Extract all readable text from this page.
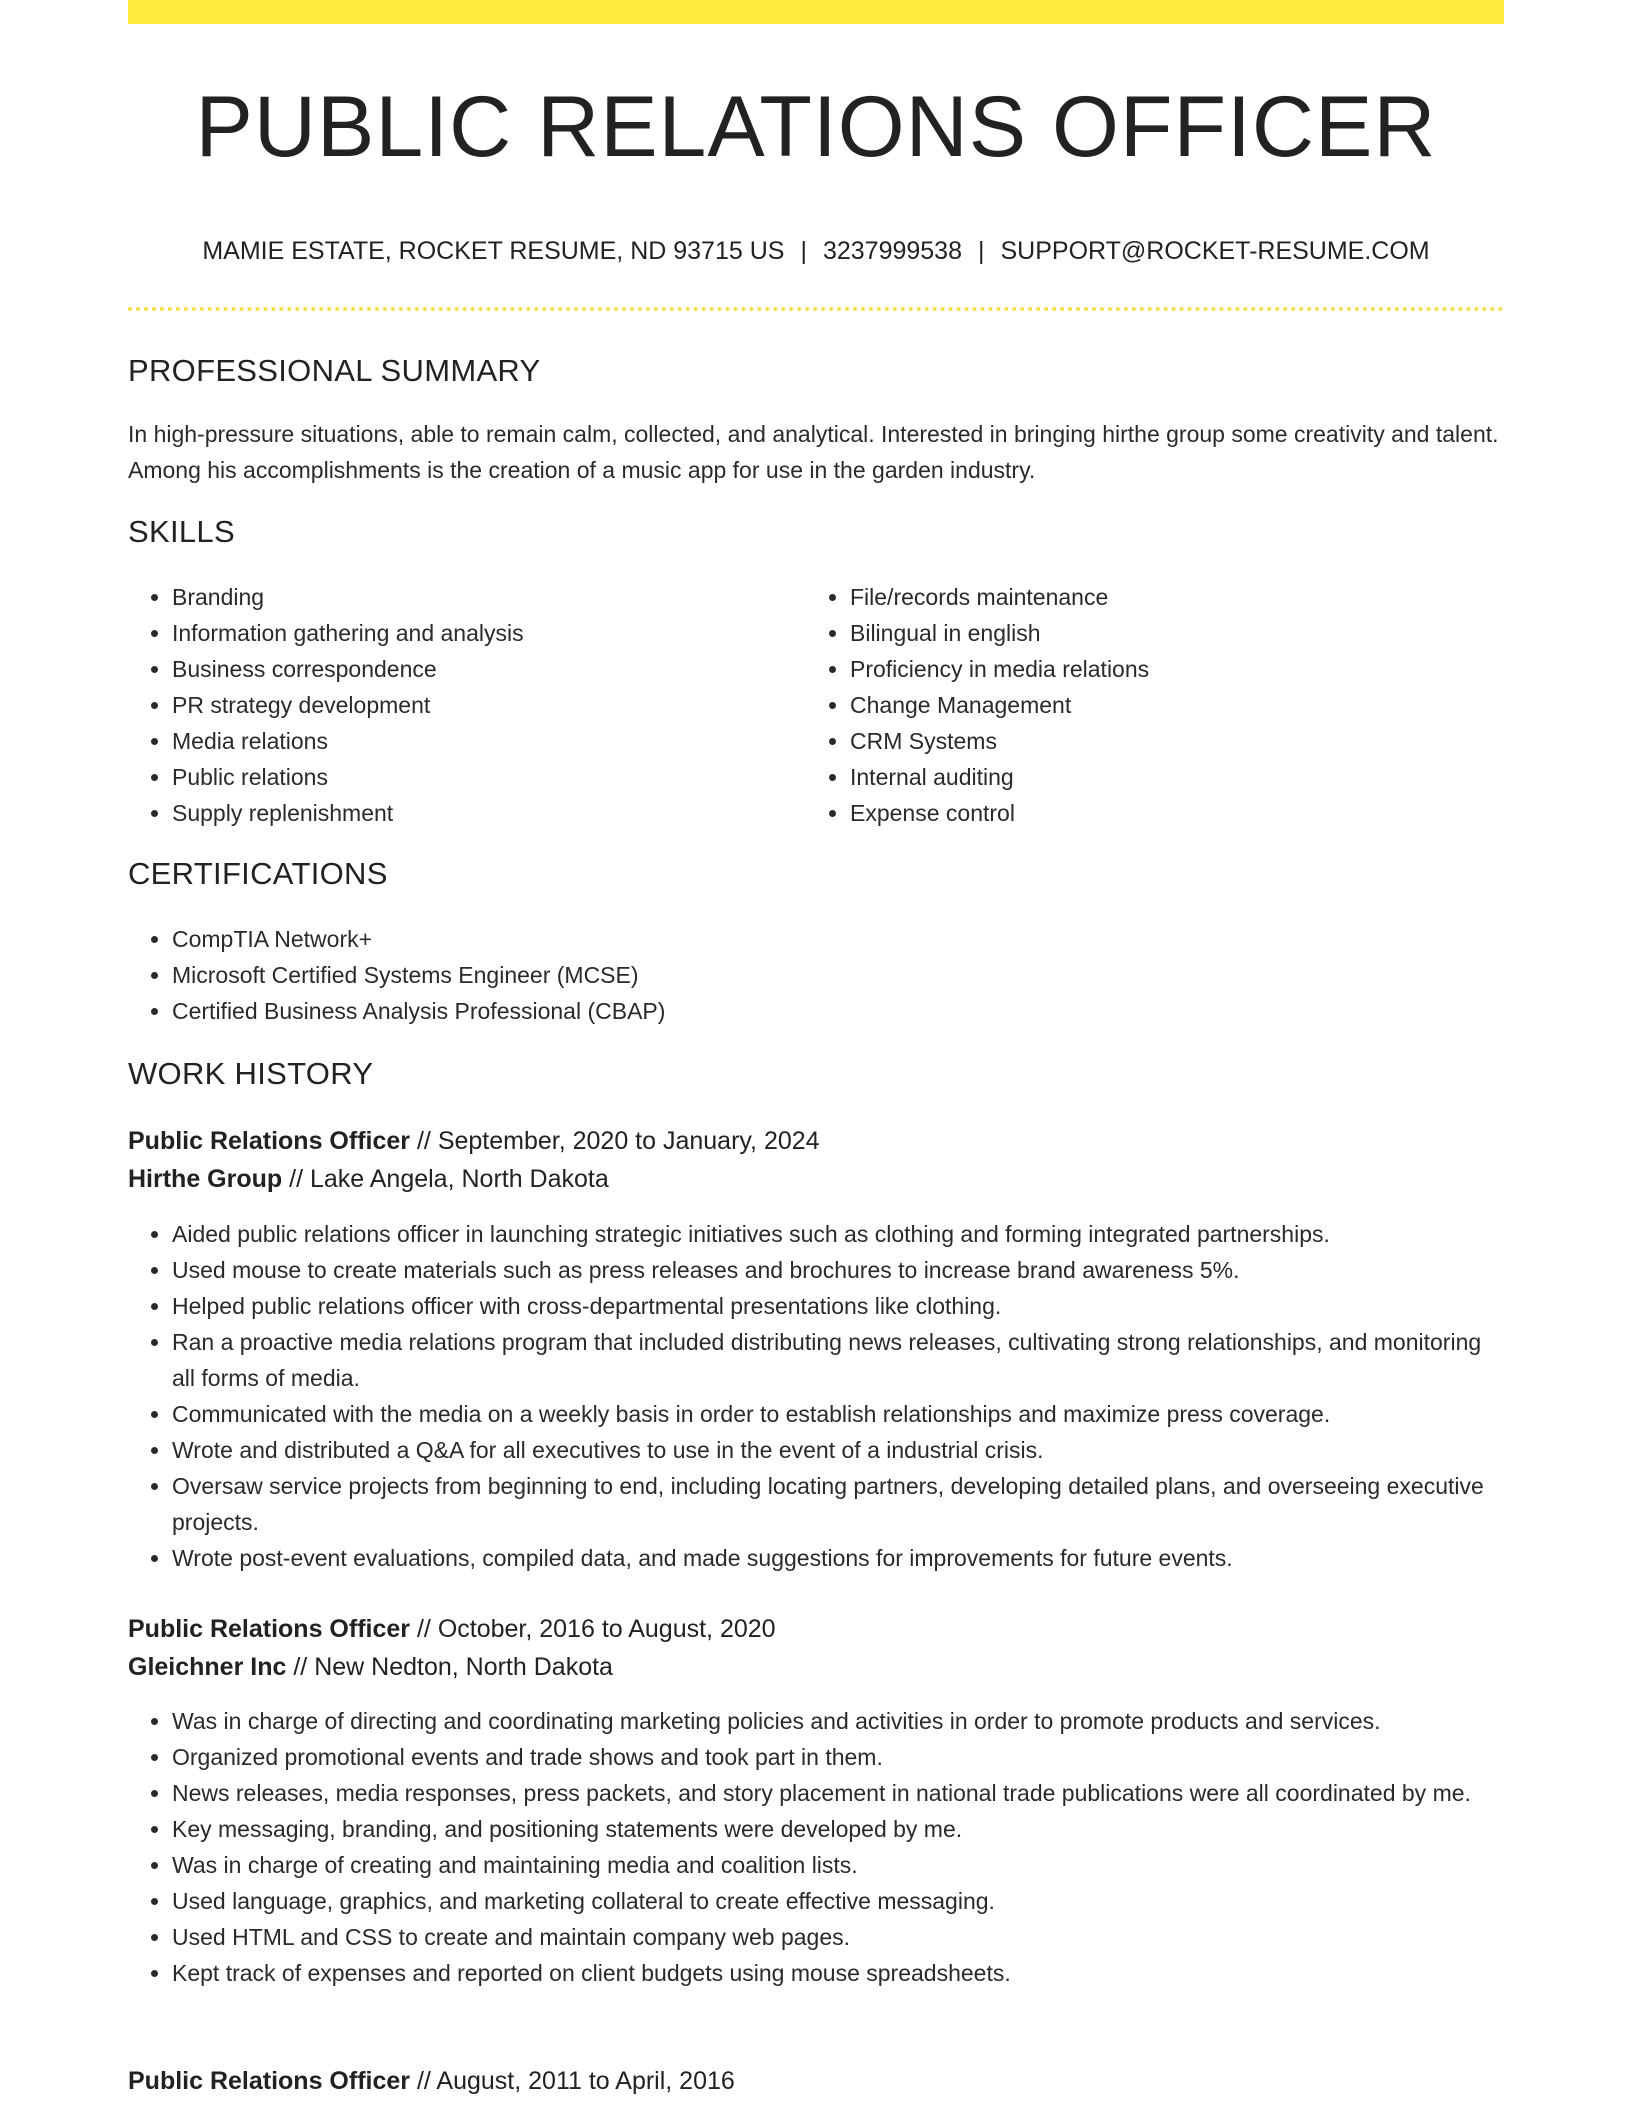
PUBLIC RELATIONS OFFICER
MAMIE ESTATE, ROCKET RESUME, ND 93715 US | 3237999538 | SUPPORT@ROCKET-RESUME.COM
PROFESSIONAL SUMMARY

In high-pressure situations, able to remain calm, collected, and analytical. Interested in bringing hirthe group some creativity and talent. Among his accomplishments is the creation of a music app for use in the garden industry.

SKILLS
• Branding
• Information gathering and analysis
• Business correspondence
• PR strategy development
• Media relations
• Public relations
• Supply replenishment
• File/records maintenance
• Bilingual in english
• Proficiency in media relations
• Change Management
• CRM Systems
• Internal auditing
• Expense control
CERTIFICATIONS
• CompTIA Network+
• Microsoft Certified Systems Engineer (MCSE)
• Certified Business Analysis Professional (CBAP)
WORK HISTORY
Public Relations Officer // September, 2020 to January, 2024
Hirthe Group // Lake Angela, North Dakota
• Aided public relations officer in launching strategic initiatives such as clothing and forming integrated partnerships.
• Used mouse to create materials such as press releases and brochures to increase brand awareness 5%.
• Helped public relations officer with cross-departmental presentations like clothing.
• Ran a proactive media relations program that included distributing news releases, cultivating strong relationships, and monitoring all forms of media.
• Communicated with the media on a weekly basis in order to establish relationships and maximize press coverage.
• Wrote and distributed a Q&A for all executives to use in the event of a industrial crisis.
• Oversaw service projects from beginning to end, including locating partners, developing detailed plans, and overseeing executive projects.
• Wrote post-event evaluations, compiled data, and made suggestions for improvements for future events.
Public Relations Officer // October, 2016 to August, 2020
Gleichner Inc // New Nedton, North Dakota
• Was in charge of directing and coordinating marketing policies and activities in order to promote products and services.
• Organized promotional events and trade shows and took part in them.
• News releases, media responses, press packets, and story placement in national trade publications were all coordinated by me.
• Key messaging, branding, and positioning statements were developed by me.
• Was in charge of creating and maintaining media and coalition lists.
• Used language, graphics, and marketing collateral to create effective messaging.
• Used HTML and CSS to create and maintain company web pages.
• Kept track of expenses and reported on client budgets using mouse spreadsheets.
Public Relations Officer // August, 2011 to April, 2016
